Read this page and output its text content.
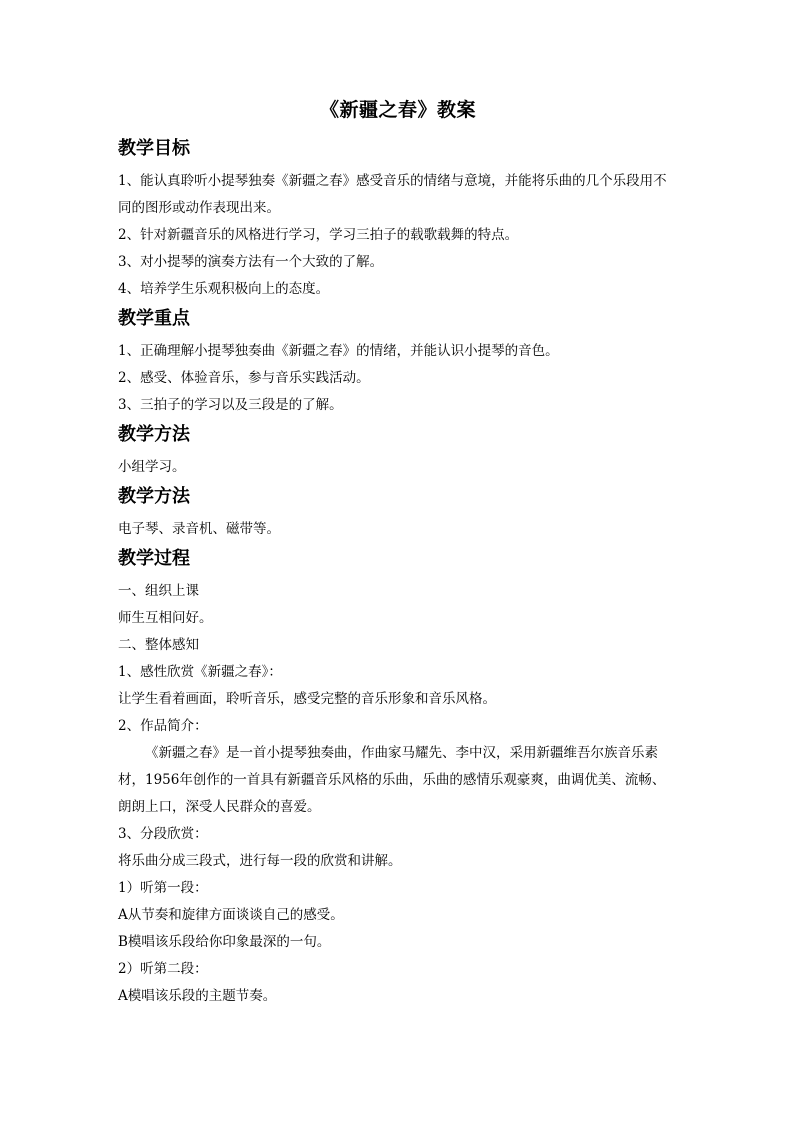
《新疆之春》教案
教学目标

1、能认真聆听小提琴独奏《新疆之春》感受音乐的情绪与意境，并能将乐曲的几个乐段用不同的图形或动作表现出来。

2、针对新疆音乐的风格进行学习，学习三拍子的载歌载舞的特点。

3、对小提琴的演奏方法有一个大致的了解。

4、培养学生乐观积极向上的态度。

教学重点

1、正确理解小提琴独奏曲《新疆之春》的情绪，并能认识小提琴的音色。

2、感受、体验音乐，参与音乐实践活动。

3、三拍子的学习以及三段是的了解。

教学方法

小组学习。

教学方法

电子琴、录音机、磁带等。

教学过程

一、组织上课

师生互相问好。

二、整体感知

1、感性欣赏《新疆之春》：

让学生看着画面，聆听音乐，感受完整的音乐形象和音乐风格。

2、作品简介：

《新疆之春》是一首小提琴独奏曲，作曲家马耀先、李中汉，采用新疆维吾尔族音乐素材，1956年创作的一首具有新疆音乐风格的乐曲，乐曲的感情乐观豪爽，曲调优美、流畅、朗朗上口，深受人民群众的喜爱。

3、分段欣赏：

将乐曲分成三段式，进行每一段的欣赏和讲解。

1）听第一段：

A从节奏和旋律方面谈谈自己的感受。

B模唱该乐段给你印象最深的一句。

2）听第二段：

A模唱该乐段的主题节奏。
